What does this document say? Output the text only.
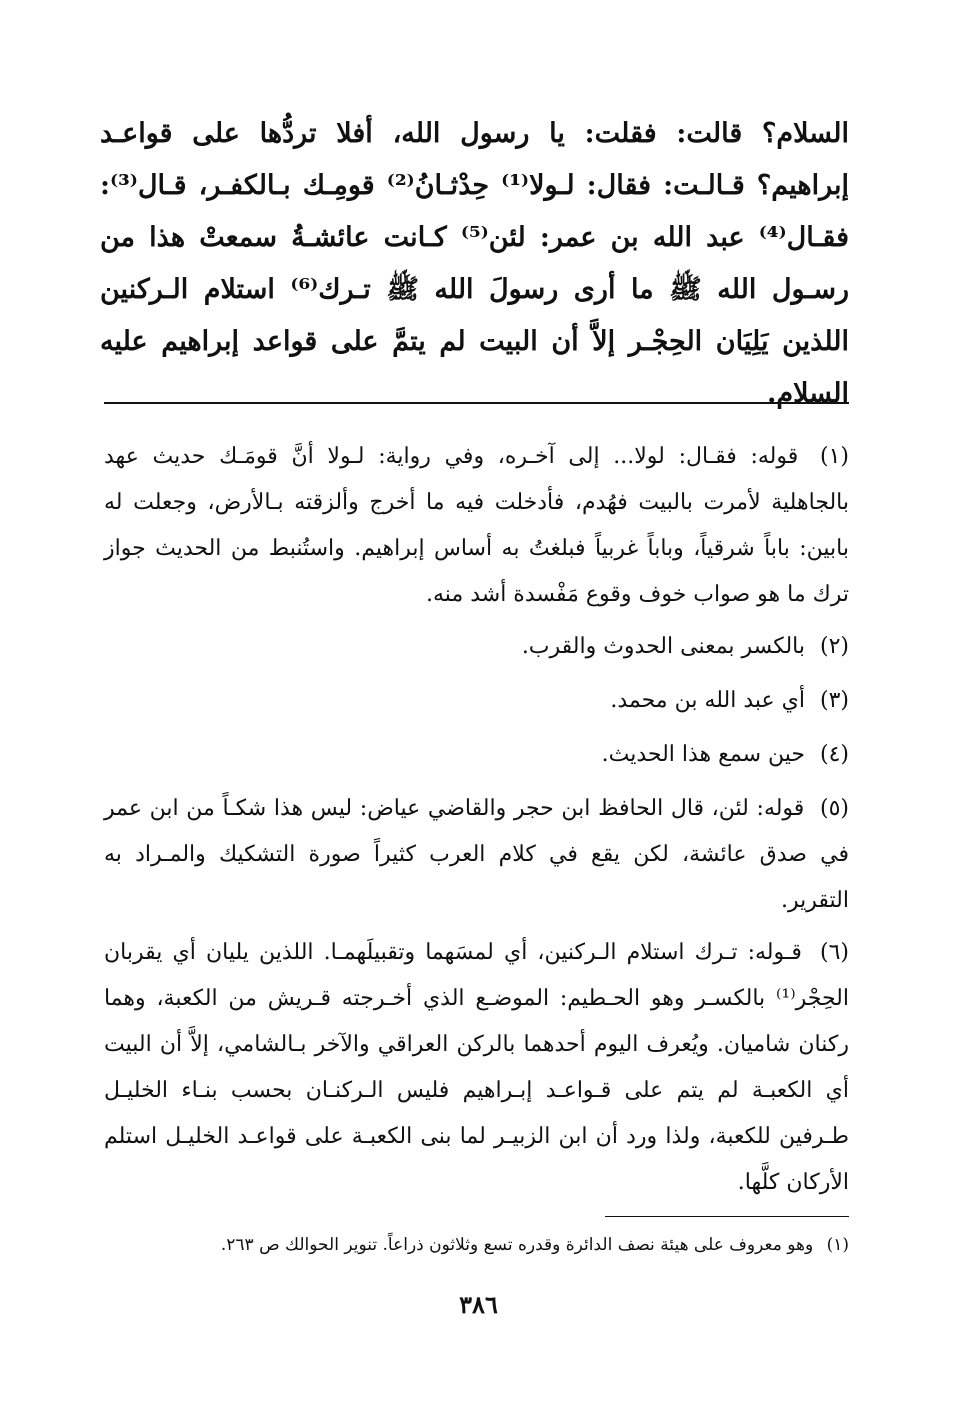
السلام؟ قالت: فقلت: يا رسول الله، أفلا تردُّها على قواعـد إبراهيم؟ قـالـت: فقال: لـولا⁽¹⁾ حِدْثـانُ⁽²⁾ قومِـك بـالكفـر، قـال⁽³⁾: فقـال⁽⁴⁾ عبد الله بن عمر: لئن⁽⁵⁾ كـانت عائشـةُ سمعتْ هذا من رسـول الله ﷺ ما أرى رسولَ الله ﷺ تـرك⁽⁶⁾ استلام الـركنين اللذين يَلِيَان الحِجْـر إلاَّ أن البيت لم يتمَّ على قواعد إبراهيم عليه السلام.

(١) قوله: فقـال: لولا... إلى آخـره، وفي رواية: لـولا أنَّ قومَـك حديث عهد بالجاهلية لأمرت بالبيت فهُدم، فأدخلت فيه ما أخرج وألزقته بـالأرض، وجعلت له بابين: باباً شرقياً، وباباً غربياً فبلغتُ به أساس إبراهيم. واستُنبط من الحديث جواز ترك ما هو صواب خوف وقوع مَفْسدة أشد منه.

(٢) بالكسر بمعنى الحدوث والقرب.

(٣) أي عبد الله بن محمد.

(٤) حين سمع هذا الحديث.

(٥) قوله: لئن، قال الحافظ ابن حجر والقاضي عياض: ليس هذا شكـاً من ابن عمر في صدق عائشة، لكن يقع في كلام العرب كثيراً صورة التشكيك والمـراد به التقرير.

(٦) قـوله: تـرك استلام الـركنين، أي لمسَهما وتقبيلَهمـا. اللذين يليان أي يقربان الحِجْر⁽¹⁾ بالكسـر وهو الحـطيم: الموضـع الذي أخـرجته قـريش من الكعبة، وهما ركنان شاميان. ويُعرف اليوم أحدهما بالركن العراقي والآخر بـالشامي، إلاَّ أن البيت أي الكعبـة لم يتم على قـواعـد إبـراهيم فليس الـركنـان بحسب بنـاء الخليـل طـرفين للكعبة، ولذا ورد أن ابن الزبيـر لما بنى الكعبـة على قواعـد الخليـل استلم الأركان كلَّها.

(١) وهو معروف على هيئة نصف الدائرة وقدره تسع وثلاثون ذراعاً. تنوير الحوالك ص ٢٦٣.
٣٨٦
